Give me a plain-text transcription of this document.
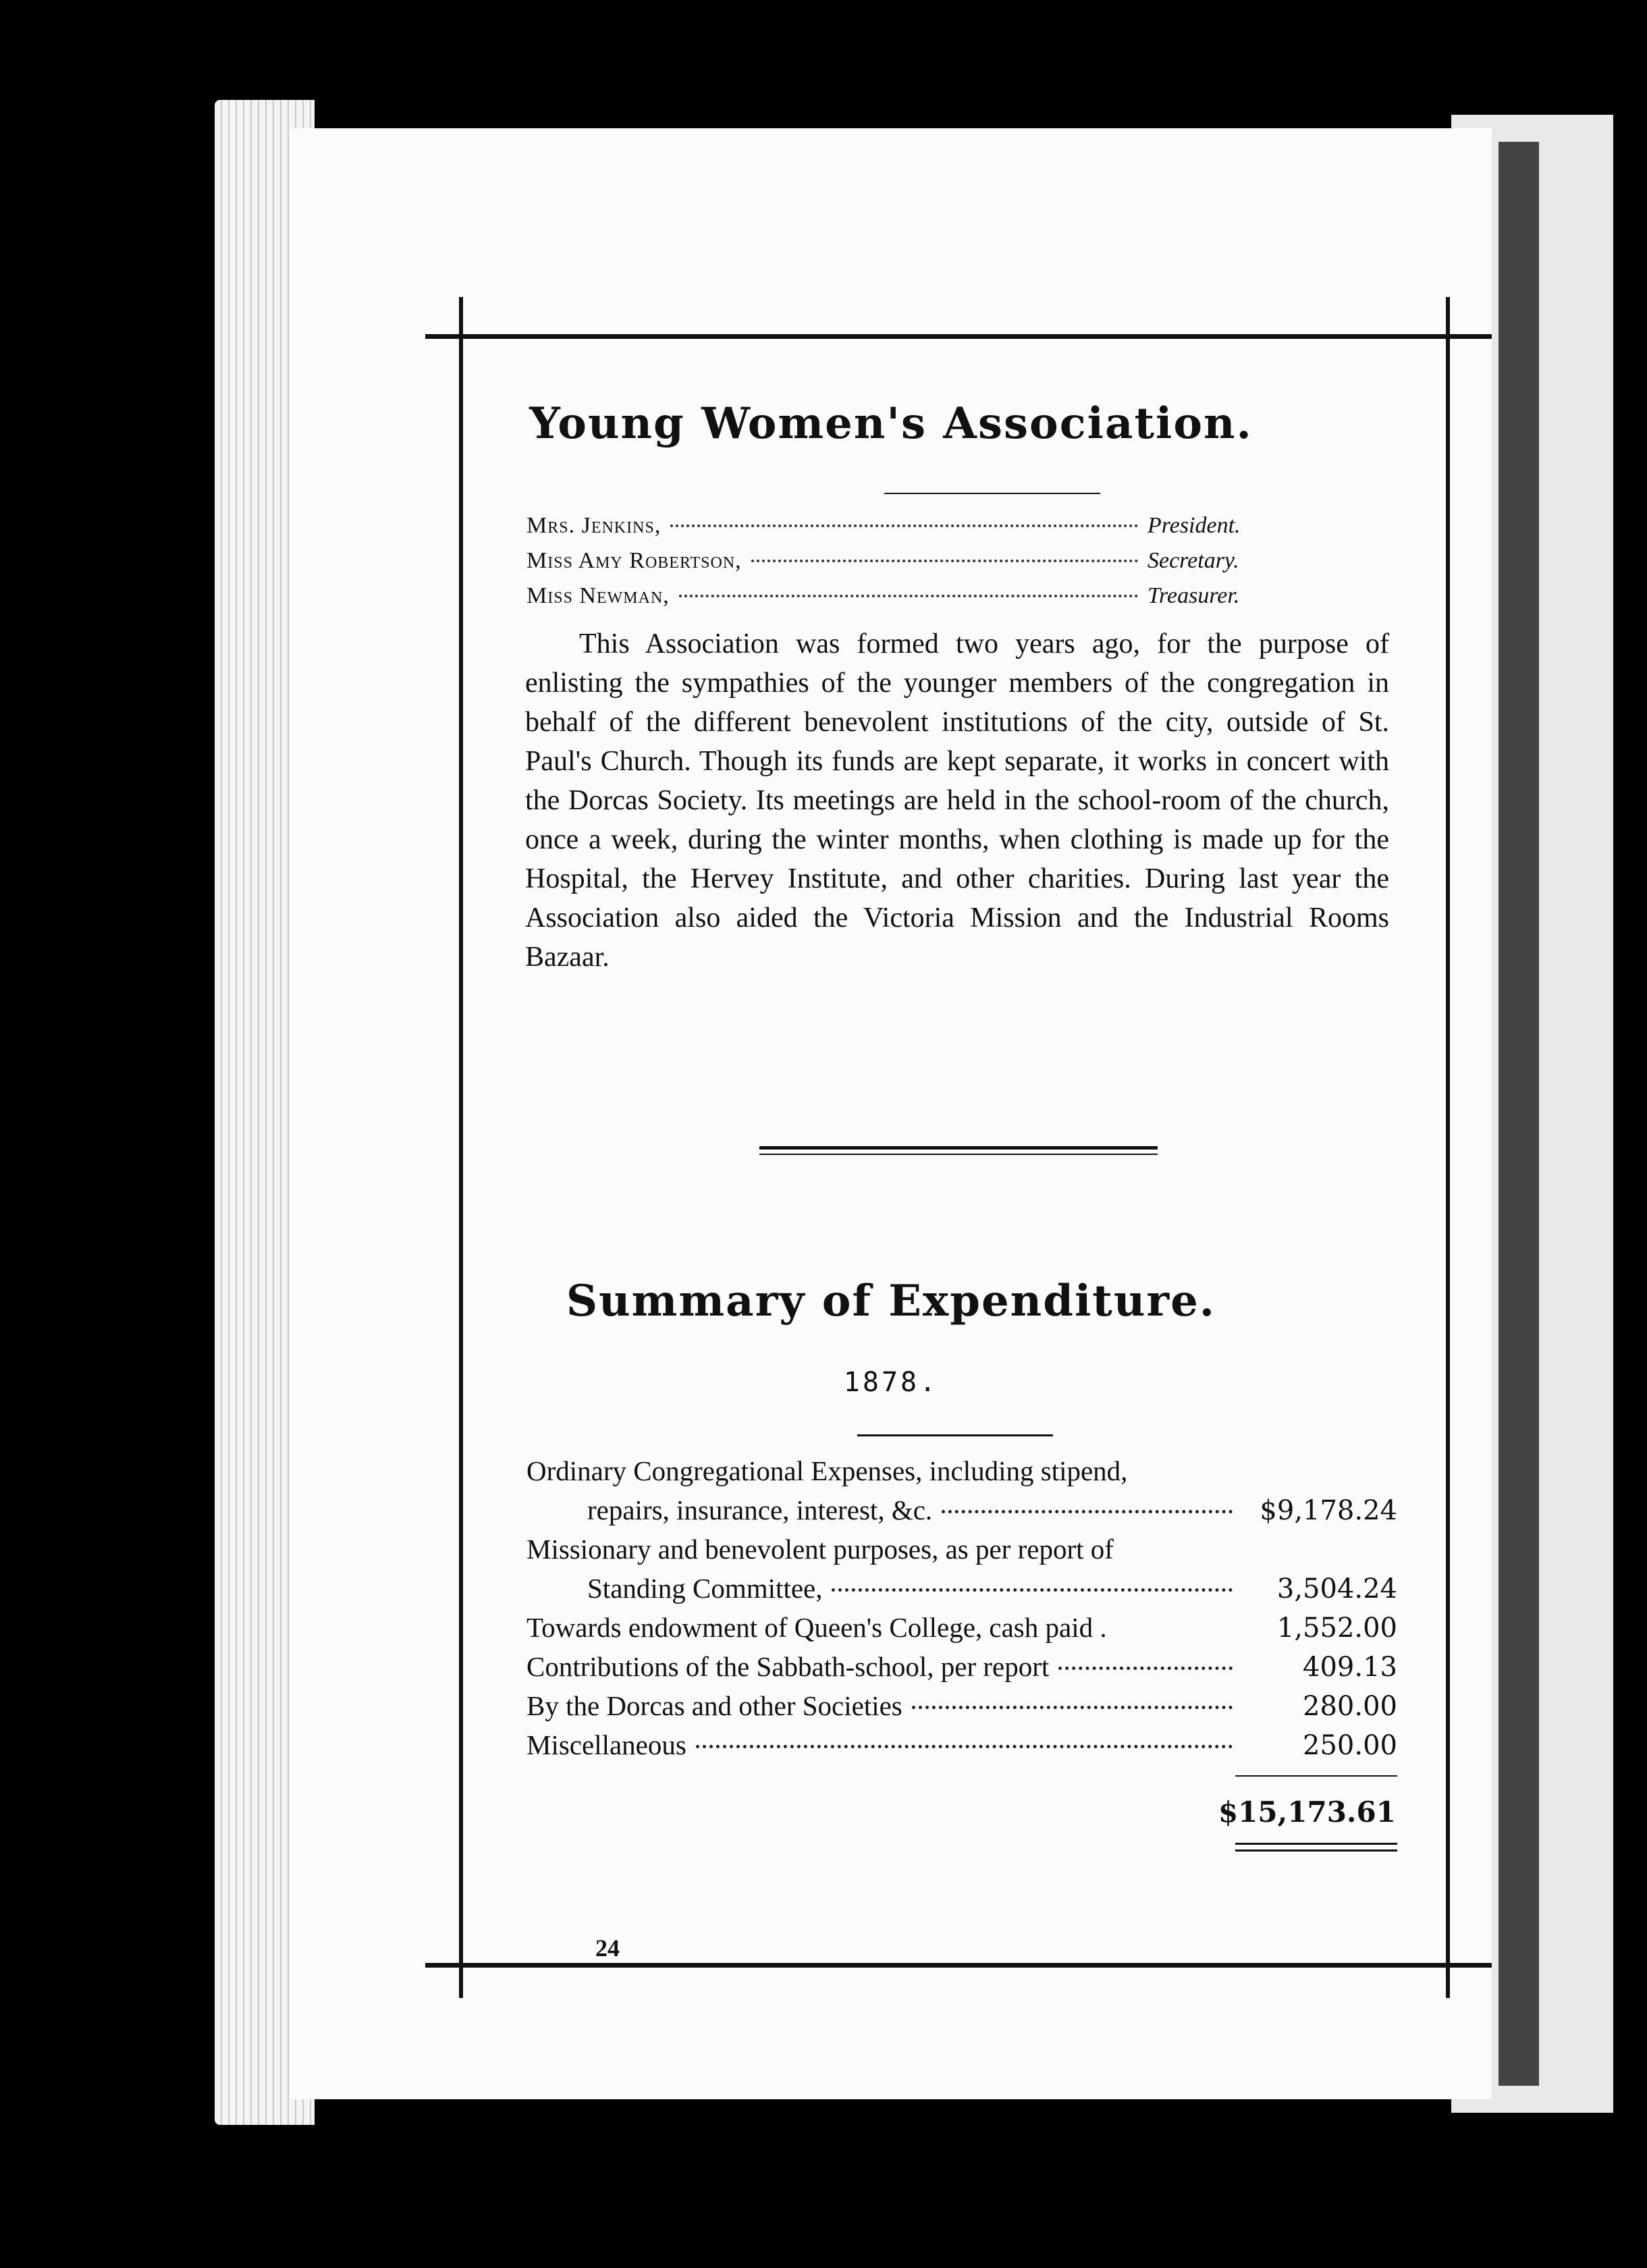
Young Women's Association.
Mrs. Jenkins,	President.
Miss Amy Robertson,	Secretary.
Miss Newman,	Treasurer.

This Association was formed two years ago, for the purpose of enlisting the sympathies of the younger members of the congregation in behalf of the different benevolent institutions of the city, outside of St. Paul's Church. Though its funds are kept separate, it works in concert with the Dorcas Society. Its meetings are held in the school-room of the church, once a week, during the winter months, when clothing is made up for the Hospital, the Hervey Institute, and other charities. During last year the Association also aided the Victoria Mission and the Industrial Rooms Bazaar.

Summary of Expenditure.
1878.
Ordinary Congregational Expenses, including stipend,
repairs, insurance, interest, &c.	$9,178.24
Missionary and benevolent purposes, as per report of
Standing Committee,	3,504.24
Towards endowment of Queen's College, cash paid .	1,552.00
Contributions of the Sabbath-school, per report	409.13
By the Dorcas and other Societies	280.00
Miscellaneous	250.00
$15,173.61
24
